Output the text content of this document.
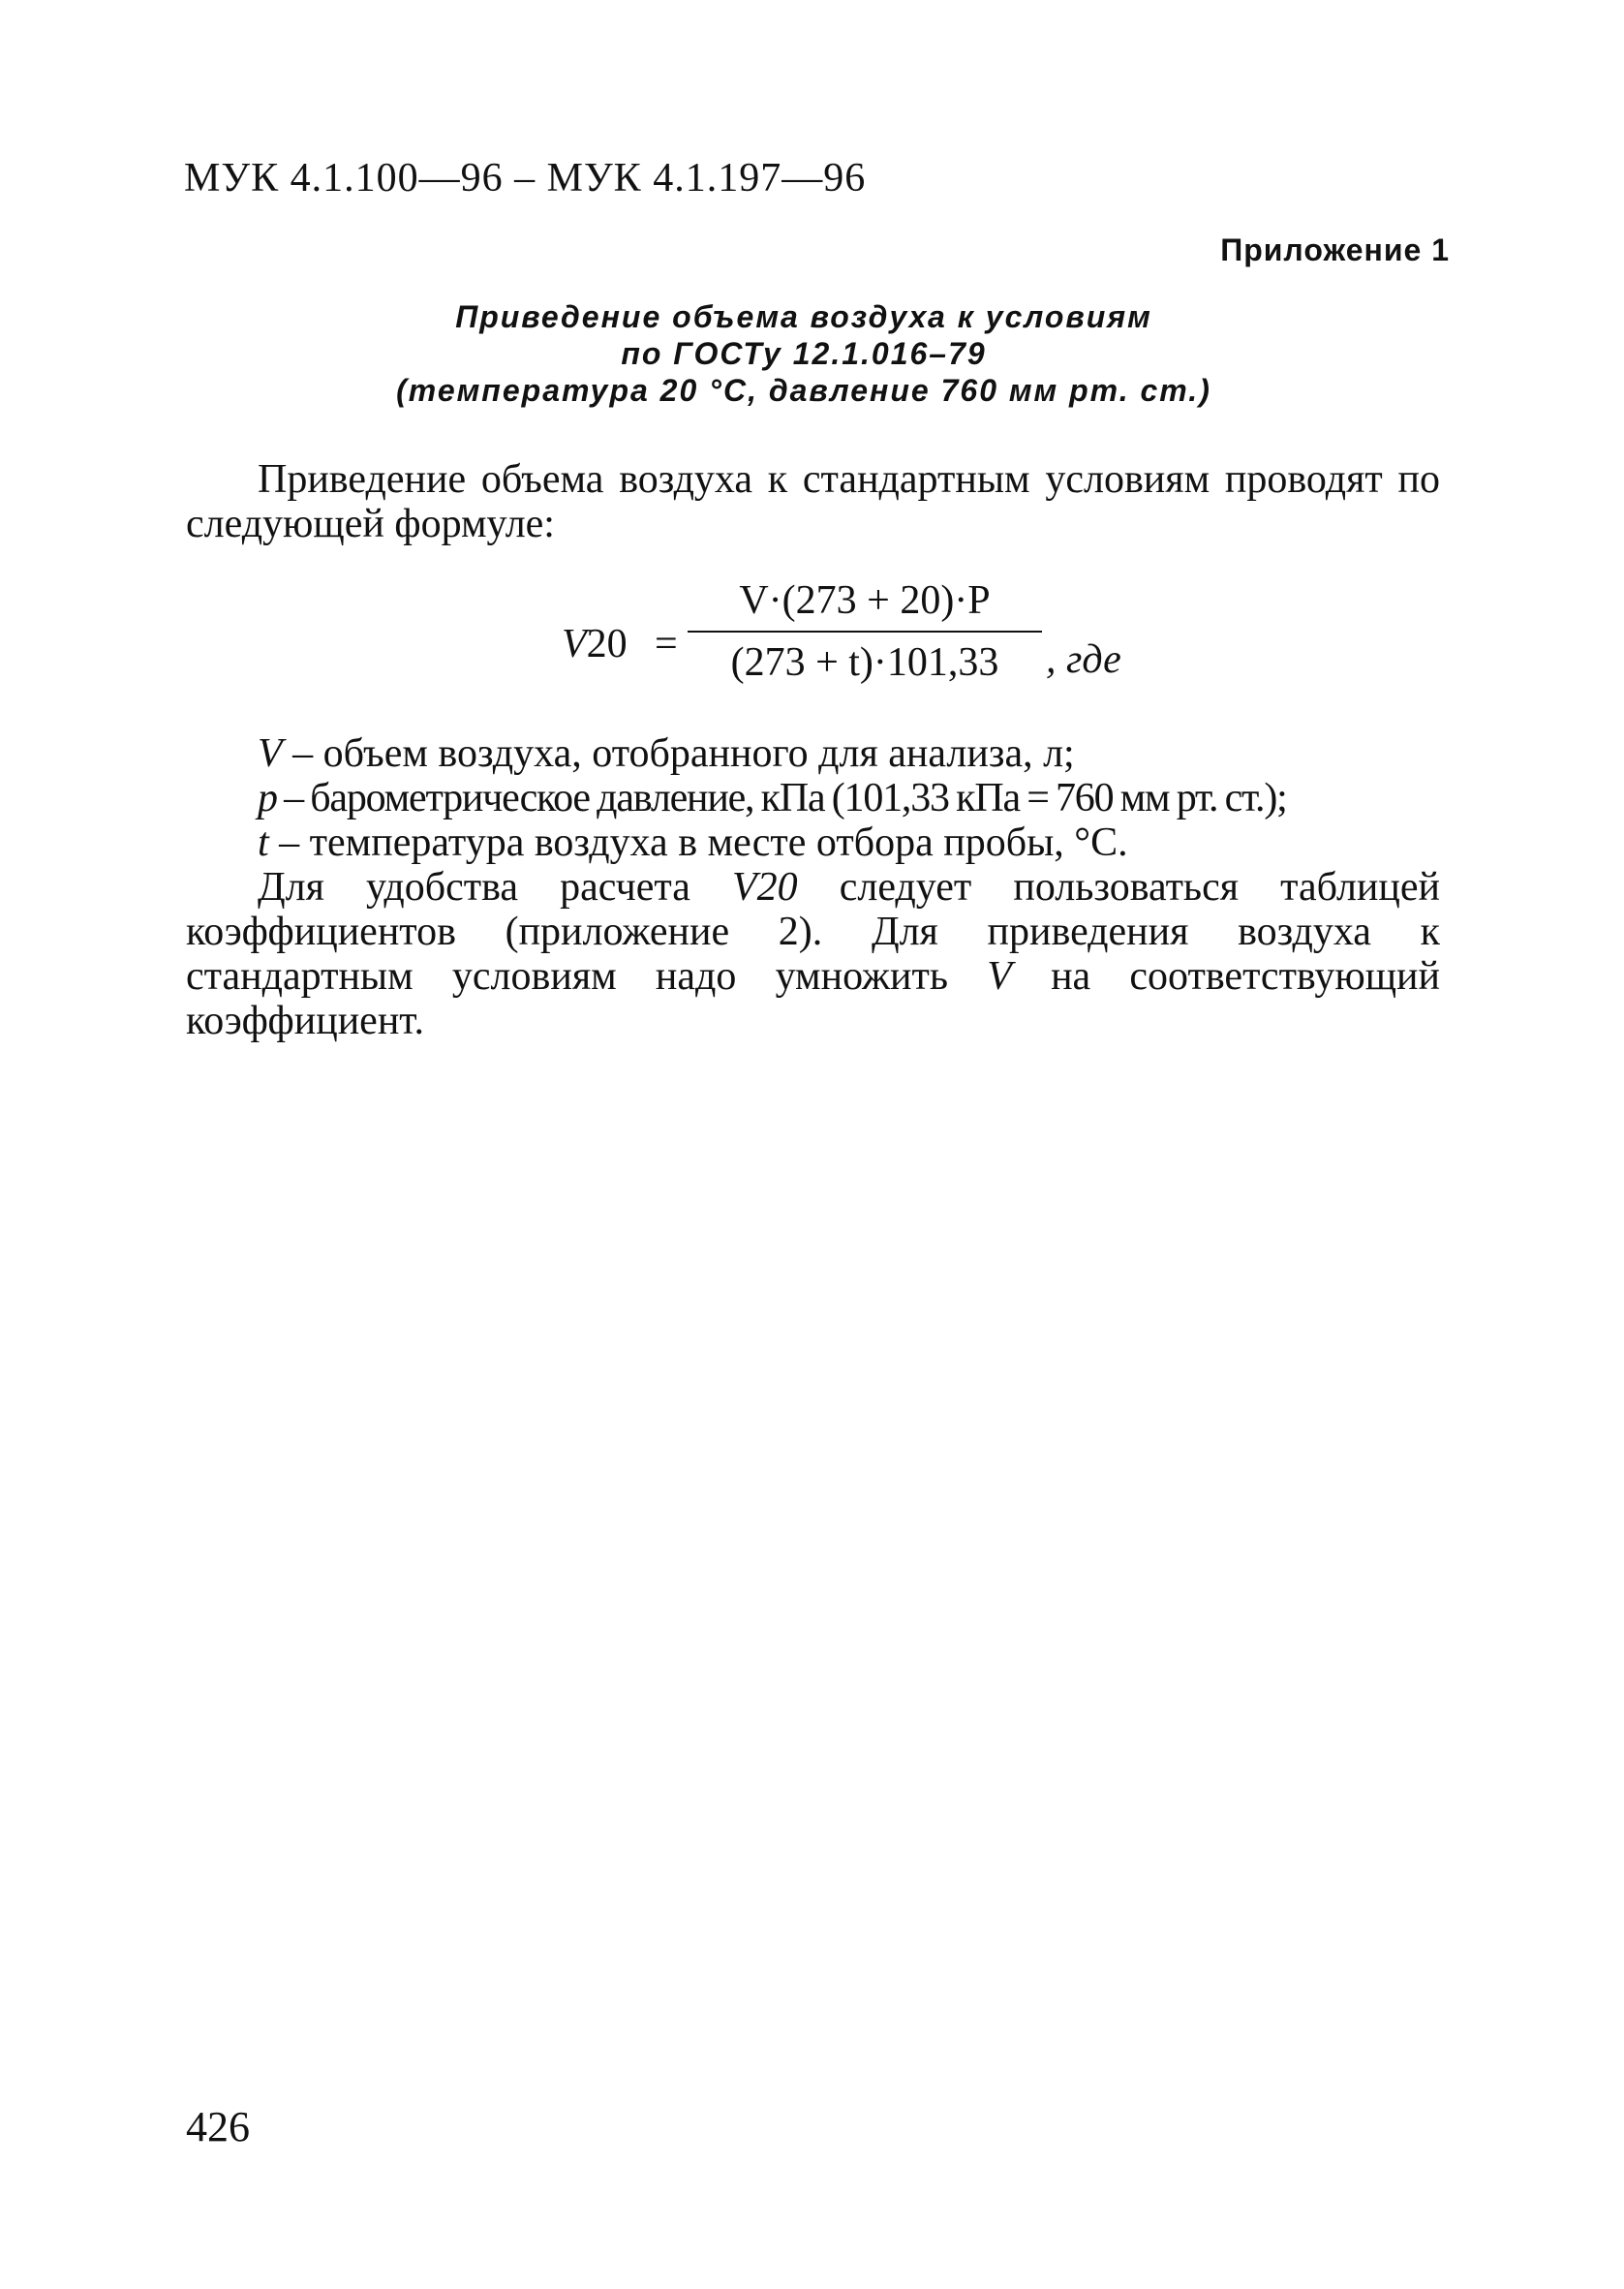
МУК 4.1.100—96 – МУК 4.1.197—96
Приложение 1
Приведение объема воздуха к условиям
по ГОСТу 12.1.016–79
(температура 20 °С, давление 760 мм рт. ст.)

Приведение объема воздуха к стандартным условиям проводят по следующей формуле:

V20 =
V·(273 + 20)·P
(273 + t)·101,33	, где
V – объем воздуха, отобранного для анализа, л;
p – барометрическое давление, кПа (101,33 кПа = 760 мм рт. ст.);
t – температура воздуха в месте отбора пробы, °С.

Для удобства расчета V20 следует пользоваться таблицей коэффициентов (приложение 2). Для приведения воздуха к стандартным условиям надо умножить V на соответствующий коэффициент.

426
